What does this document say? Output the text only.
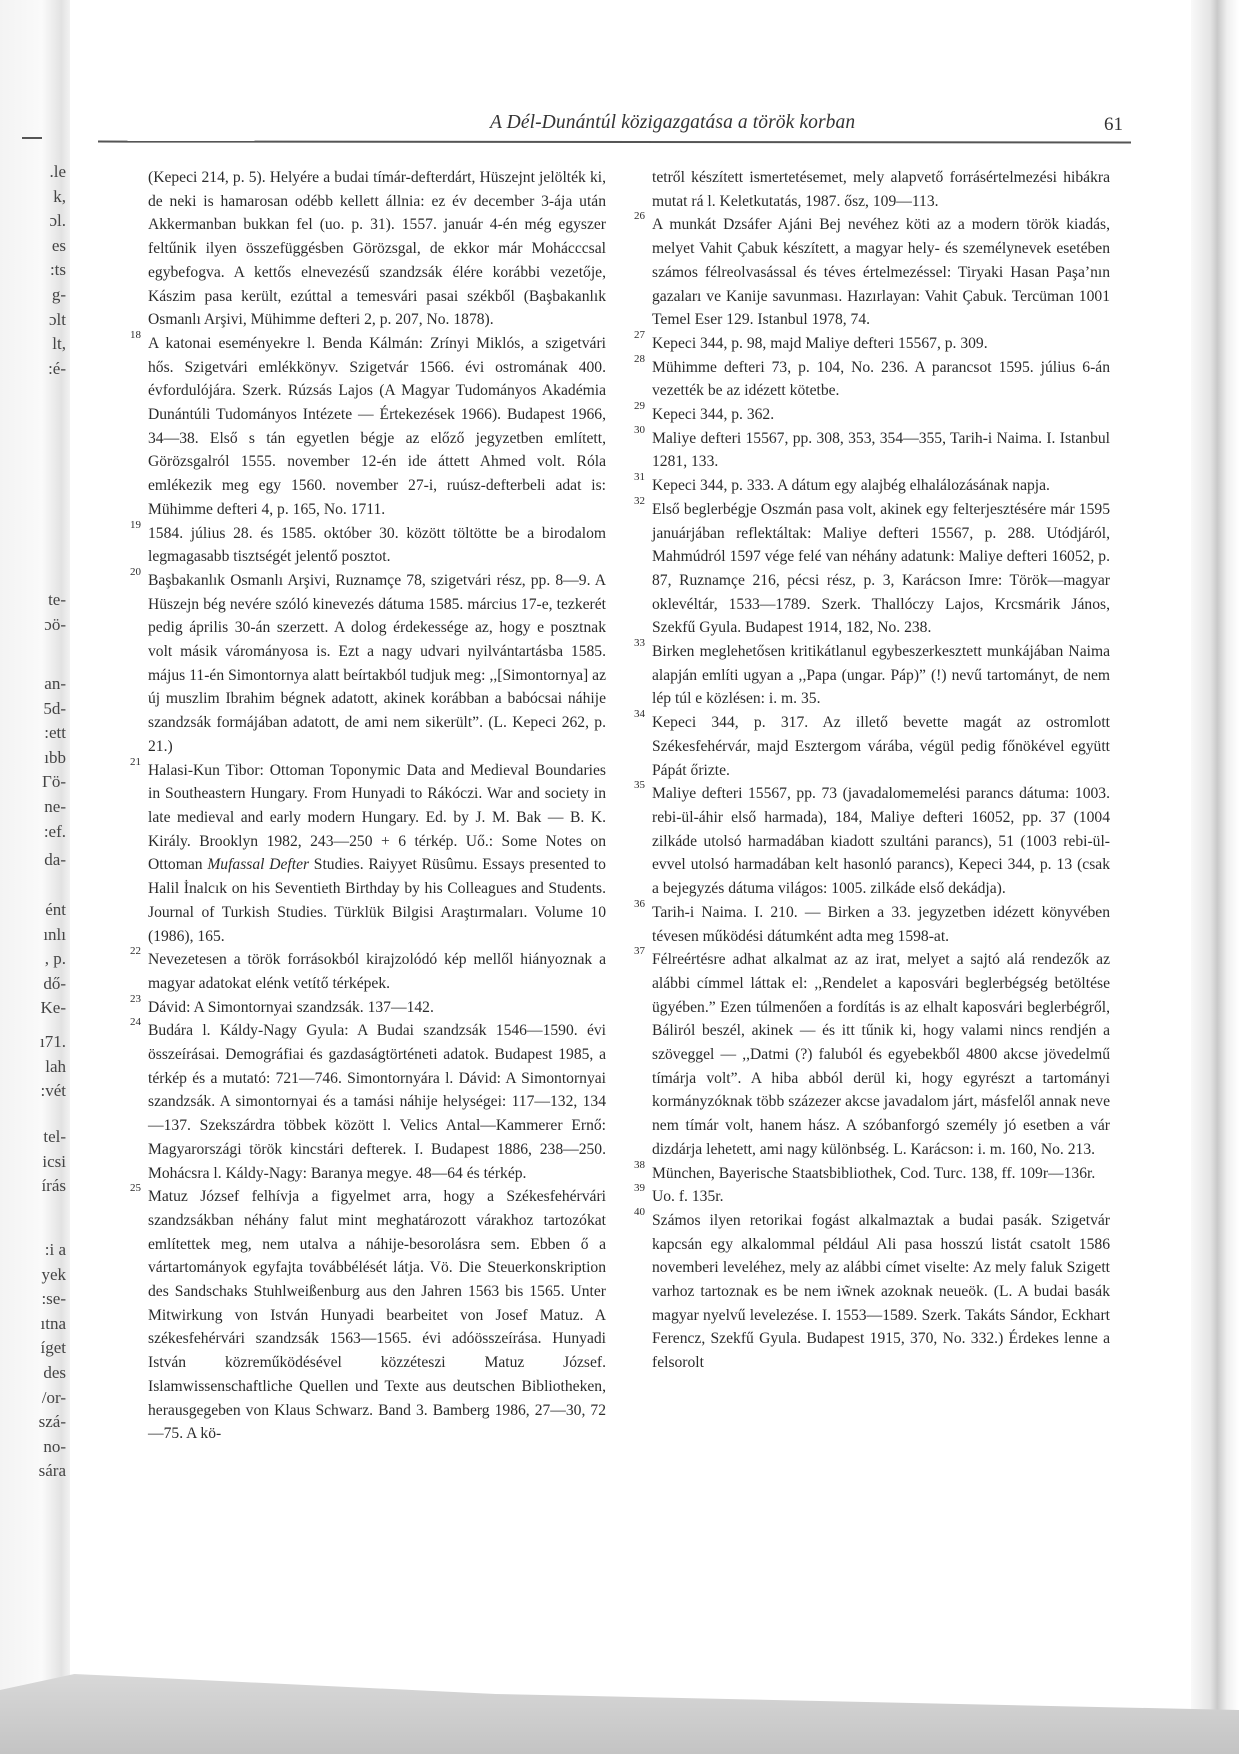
.le
k,
ɔl.
es
:ts
g-
ɔlt
lt,
:é-
te-
ɔö-
an-
5d-
:ett
ıbb
Γö-
ne-
:ef.
da-
ént
ınlı
, p.
dő-
Ke-
ı71.
lah
:vét
tel-
icsi
írás
:i a
yek
:se-
ıtna
íget
des
/or-
szá-
no-
sára
A Dél-Dunántúl közigazgatása a török korban	61

(Kepeci 214, p. 5). Helyére a budai tímár-defterdárt, Hüszejnt jelölték ki, de neki is hamarosan odébb kellett állnia: ez év december 3-ája után Akkermanban bukkan fel (uo. p. 31). 1557. január 4-én még egyszer feltűnik ilyen összefüggésben Görözsgal, de ekkor már Mohácccsal egybefogva. A kettős elnevezésű szandzsák élére korábbi vezetője, Kászim pasa került, ezúttal a temesvári pasai székből (Başbakanlık Osmanlı Arşivi, Mühimme defteri 2, p. 207, No. 1878).

18 A katonai eseményekre l. Benda Kálmán: Zrínyi Miklós, a szigetvári hős. Szigetvári emlékkönyv. Szigetvár 1566. évi ostromának 400. évfordulójára. Szerk. Rúzsás Lajos (A Magyar Tudományos Akadémia Dunántúli Tudományos Intézete — Értekezések 1966). Budapest 1966, 34—38. Első s tán egyetlen bégje az előző jegyzetben említett, Görözsgalról 1555. november 12-én ide áttett Ahmed volt. Róla emlékezik meg egy 1560. november 27-i, ruúsz-defterbeli adat is: Mühimme defteri 4, p. 165, No. 1711.

19 1584. július 28. és 1585. október 30. között töltötte be a birodalom legmagasabb tisztségét jelentő posztot.

20 Başbakanlık Osmanlı Arşivi, Ruznamçe 78, szigetvári rész, pp. 8—9. A Hüszejn bég nevére szóló kinevezés dátuma 1585. március 17-e, tezkerét pedig április 30-án szerzett. A dolog érdekessége az, hogy e posztnak volt másik várományosa is. Ezt a nagy udvari nyilvántartásba 1585. május 11-én Simontornya alatt beírtakból tudjuk meg: ,,[Simontornya] az új muszlim Ibrahim bégnek adatott, akinek korábban a babócsai náhije szandzsák formájában adatott, de ami nem sikerült”. (L. Kepeci 262, p. 21.)

21 Halasi-Kun Tibor: Ottoman Toponymic Data and Medieval Boundaries in Southeastern Hungary. From Hunyadi to Rákóczi. War and society in late medieval and early modern Hungary. Ed. by J. M. Bak — B. K. Király. Brooklyn 1982, 243—250 + 6 térkép. Uő.: Some Notes on Ottoman Mufassal Defter Studies. Raiyyet Rüsûmu. Essays presented to Halil İnalcık on his Seventieth Birthday by his Colleagues and Students. Journal of Turkish Studies. Türklük Bilgisi Araştırmaları. Volume 10 (1986), 165.

22 Nevezetesen a török forrásokból kirajzolódó kép mellől hiányoznak a magyar adatokat elénk vetítő térképek.

23 Dávid: A Simontornyai szandzsák. 137—142.

24 Budára l. Káldy-Nagy Gyula: A Budai szandzsák 1546—1590. évi összeírásai. Demográfiai és gazdaságtörténeti adatok. Budapest 1985, a térkép és a mutató: 721—746. Simontornyára l. Dávid: A Simontornyai szandzsák. A simontornyai és a tamási náhije helységei: 117—132, 134—137. Szekszárdra többek között l. Velics Antal—Kammerer Ernő: Magyarországi török kincstári defterek. I. Budapest 1886, 238—250. Mohácsra l. Káldy-Nagy: Baranya megye. 48—64 és térkép.

25 Matuz József felhívja a figyelmet arra, hogy a Székesfehérvári szandzsákban néhány falut mint meghatározott várakhoz tartozókat említettek meg, nem utalva a náhije-besorolásra sem. Ebben ő a vártartományok egyfajta továbbélését látja. Vö. Die Steuerkonskription des Sandschaks Stuhlweißenburg aus den Jahren 1563 bis 1565. Unter Mitwirkung von István Hunyadi bearbeitet von Josef Matuz. A székesfehérvári szandzsák 1563—1565. évi adóösszeírása. Hunyadi István közreműködésével közzéteszi Matuz József. Islamwissenschaftliche Quellen und Texte aus deutschen Bibliotheken, herausgegeben von Klaus Schwarz. Band 3. Bamberg 1986, 27—30, 72—75. A kö-

tetről készített ismertetésemet, mely alapvető forrásértelmezési hibákra mutat rá l. Keletkutatás, 1987. ősz, 109—113.

26 A munkát Dzsáfer Ajáni Bej nevéhez köti az a modern török kiadás, melyet Vahit Çabuk készített, a magyar hely- és személynevek esetében számos félreolvasással és téves értelmezéssel: Tiryaki Hasan Paşa’nın gazaları ve Kanije savunması. Hazırlayan: Vahit Çabuk. Tercüman 1001 Temel Eser 129. Istanbul 1978, 74.

27 Kepeci 344, p. 98, majd Maliye defteri 15567, p. 309.

28 Mühimme defteri 73, p. 104, No. 236. A parancsot 1595. július 6-án vezették be az idézett kötetbe.

29 Kepeci 344, p. 362.

30 Maliye defteri 15567, pp. 308, 353, 354—355, Tarih-i Naima. I. Istanbul 1281, 133.

31 Kepeci 344, p. 333. A dátum egy alajbég elhalálozásának napja.

32 Első beglerbégje Oszmán pasa volt, akinek egy felterjesztésére már 1595 januárjában reflektáltak: Maliye defteri 15567, p. 288. Utódjáról, Mahmúdról 1597 vége felé van néhány adatunk: Maliye defteri 16052, p. 87, Ruznamçe 216, pécsi rész, p. 3, Karácson Imre: Török—magyar oklevéltár, 1533—1789. Szerk. Thallóczy Lajos, Krcsmárik János, Szekfű Gyula. Budapest 1914, 182, No. 238.

33 Birken meglehetősen kritikátlanul egybeszerkesztett munkájában Naima alapján említi ugyan a ,,Papa (ungar. Páp)” (!) nevű tartományt, de nem lép túl e közlésen: i. m. 35.

34 Kepeci 344, p. 317. Az illető bevette magát az ostromlott Székesfehérvár, majd Esztergom várába, végül pedig főnökével együtt Pápát őrizte.

35 Maliye defteri 15567, pp. 73 (javadalomemelési parancs dátuma: 1003. rebi-ül-áhir első harmada), 184, Maliye defteri 16052, pp. 37 (1004 zilkáde utolsó harmadában kiadott szultáni parancs), 51 (1003 rebi-ül-evvel utolsó harmadában kelt hasonló parancs), Kepeci 344, p. 13 (csak a bejegyzés dátuma világos: 1005. zilkáde első dekádja).

36 Tarih-i Naima. I. 210. — Birken a 33. jegyzetben idézett könyvében tévesen működési dátumként adta meg 1598-at.

37 Félreértésre adhat alkalmat az az irat, melyet a sajtó alá rendezők az alábbi címmel láttak el: ,,Rendelet a kaposvári beglerbégség betöltése ügyében.” Ezen túlmenően a fordítás is az elhalt kaposvári beglerbégről, Báliról beszél, akinek — és itt tűnik ki, hogy valami nincs rendjén a szöveggel — ,,Datmi (?) faluból és egyebekből 4800 akcse jövedelmű tímárja volt”. A hiba abból derül ki, hogy egyrészt a tartományi kormányzóknak több százezer akcse javadalom járt, másfelől annak neve nem tímár volt, hanem hász. A szóbanforgó személy jó esetben a vár dizdárja lehetett, ami nagy különbség. L. Karácson: i. m. 160, No. 213.

38 München, Bayerische Staatsbibliothek, Cod. Turc. 138, ff. 109r—136r.

39 Uo. f. 135r.

40 Számos ilyen retorikai fogást alkalmaztak a budai pasák. Szigetvár kapcsán egy alkalommal például Ali pasa hosszú listát csatolt 1586 novemberi leveléhez, mely az alábbi címet viselte: Az mely faluk Szigett varhoz tartoznak es be nem iw̃nek azoknak neueök. (L. A budai basák magyar nyelvű levelezése. I. 1553—1589. Szerk. Takáts Sándor, Eckhart Ferencz, Szekfű Gyula. Budapest 1915, 370, No. 332.) Érdekes lenne a felsorolt
